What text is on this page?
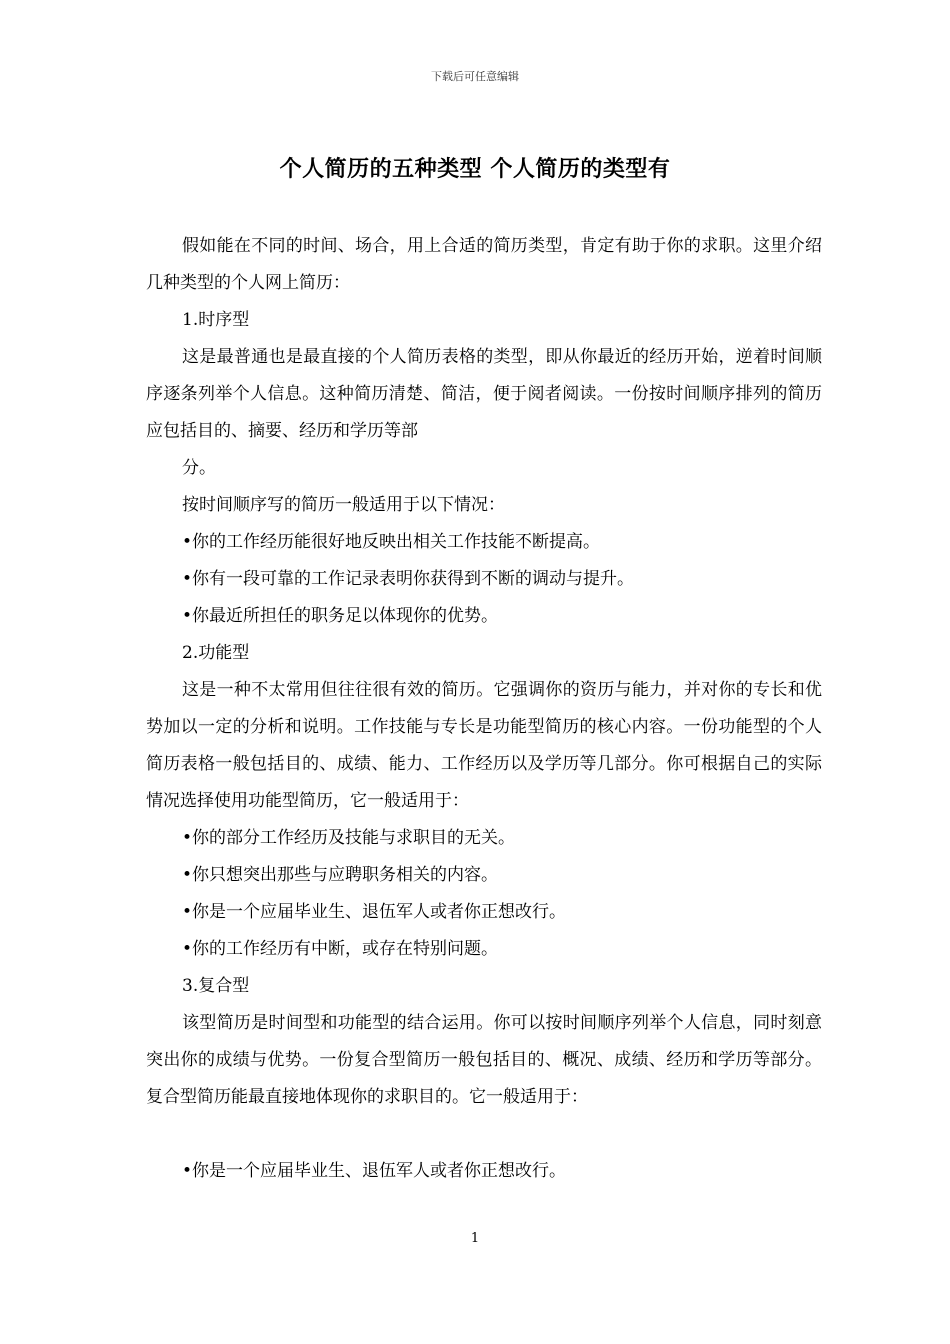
下载后可任意编辑
个人简历的五种类型 个人简历的类型有

假如能在不同的时间、场合，用上合适的简历类型，肯定有助于你的求职。这里介绍几种类型的个人网上简历：

1.时序型

这是最普通也是最直接的个人简历表格的类型，即从你最近的经历开始，逆着时间顺序逐条列举个人信息。这种简历清楚、简洁，便于阅者阅读。一份按时间顺序排列的简历应包括目的、摘要、经历和学历等部

分。

按时间顺序写的简历一般适用于以下情况：

•你的工作经历能很好地反映出相关工作技能不断提高。

•你有一段可靠的工作记录表明你获得到不断的调动与提升。

•你最近所担任的职务足以体现你的优势。

2.功能型

这是一种不太常用但往往很有效的简历。它强调你的资历与能力，并对你的专长和优势加以一定的分析和说明。工作技能与专长是功能型简历的核心内容。一份功能型的个人简历表格一般包括目的、成绩、能力、工作经历以及学历等几部分。你可根据自己的实际情况选择使用功能型简历，它一般适用于：

•你的部分工作经历及技能与求职目的无关。

•你只想突出那些与应聘职务相关的内容。

•你是一个应届毕业生、退伍军人或者你正想改行。

•你的工作经历有中断，或存在特别问题。

3.复合型

该型简历是时间型和功能型的结合运用。你可以按时间顺序列举个人信息，同时刻意突出你的成绩与优势。一份复合型简历一般包括目的、概况、成绩、经历和学历等部分。复合型简历能最直接地体现你的求职目的。它一般适用于：

•你是一个应届毕业生、退伍军人或者你正想改行。

1
